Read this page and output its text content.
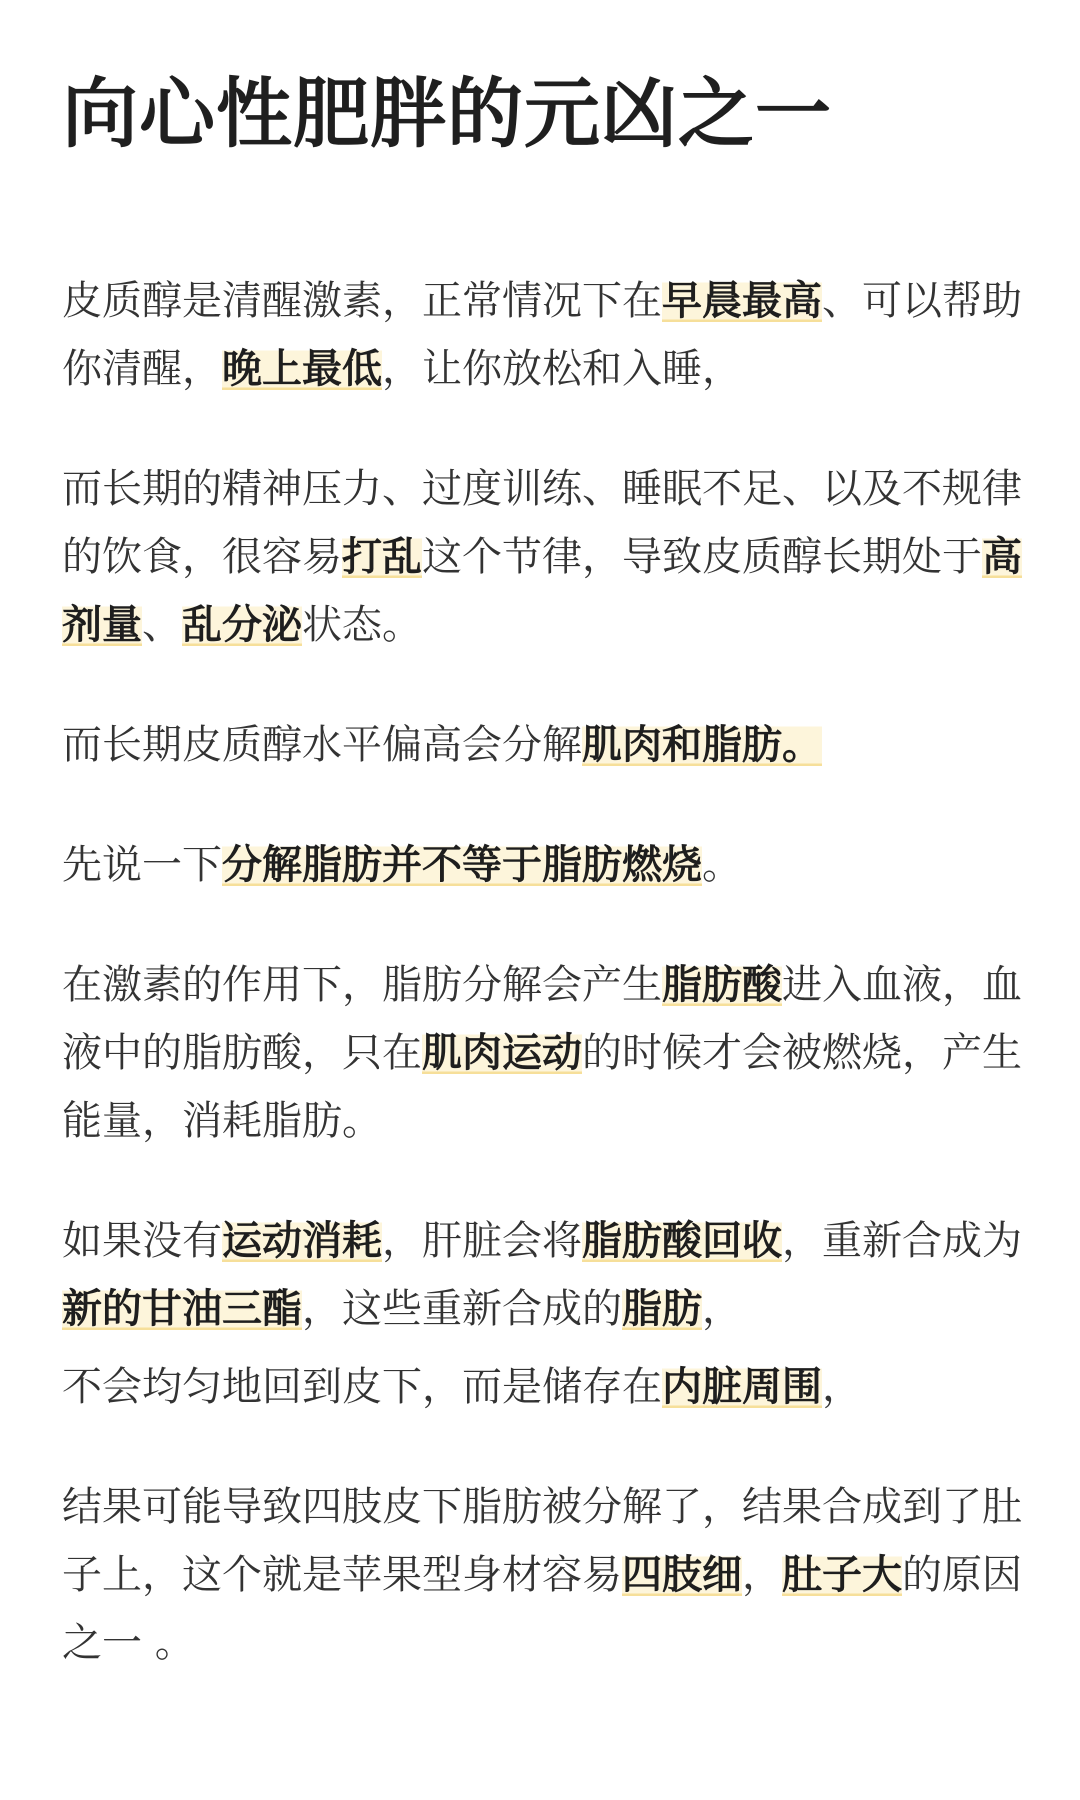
向心性肥胖的元凶之一

皮质醇是清醒激素，正常情况下在早晨最高、可以帮助你清醒，晚上最低，让你放松和入睡，

而长期的精神压力、过度训练、睡眠不足、以及不规律的饮食，很容易打乱这个节律，导致皮质醇长期处于高剂量、乱分泌状态。

而长期皮质醇水平偏高会分解肌肉和脂肪。

先说一下分解脂肪并不等于脂肪燃烧。

在激素的作用下，脂肪分解会产生脂肪酸进入血液，血液中的脂肪酸，只在肌肉运动的时候才会被燃烧，产生能量，消耗脂肪。

如果没有运动消耗，肝脏会将脂肪酸回收，重新合成为新的甘油三酯，这些重新合成的脂肪，

不会均匀地回到皮下，而是储存在内脏周围，

结果可能导致四肢皮下脂肪被分解了，结果合成到了肚子上，这个就是苹果型身材容易四肢细，肚子大的原因之一 。
